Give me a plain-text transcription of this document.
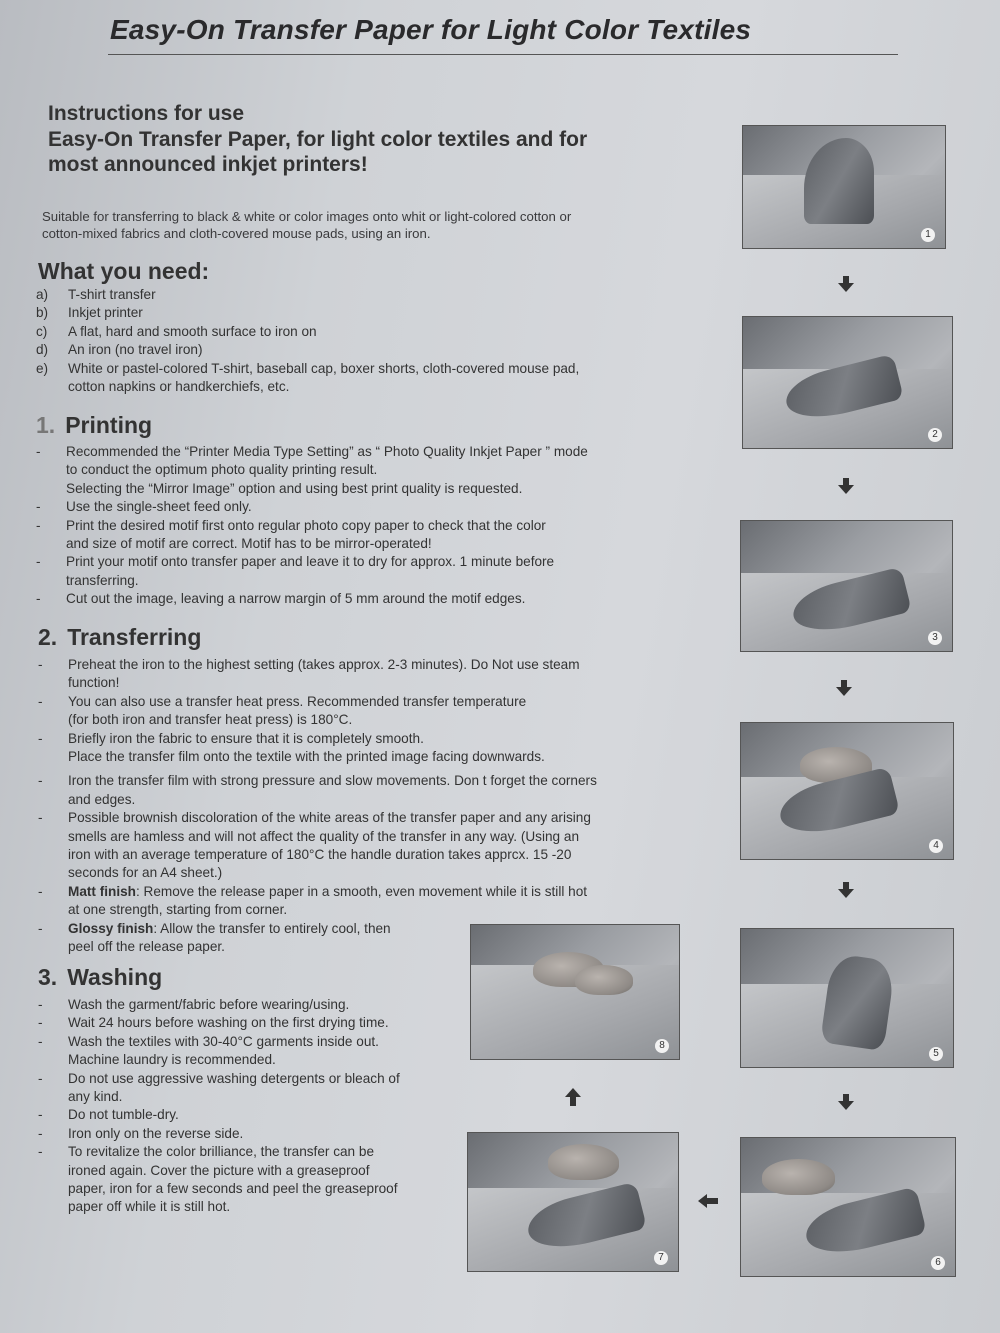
Easy-On Transfer Paper for Light Color Textiles
Instructions for use
Easy-On Transfer Paper, for light color textiles and for
most announced inkjet printers!
Suitable for transferring to black & white or color images onto whit or light-colored cotton or
cotton-mixed fabrics and cloth-covered mouse pads, using an iron.
What you need:
a) T-shirt transfer
b) Inkjet printer
c) A flat, hard and smooth surface to iron on
d) An iron (no travel iron)
e) White or pastel-colored T-shirt, baseball cap, boxer shorts, cloth-covered mouse pad,
cotton napkins or handkerchiefs, etc.
1. Printing
- Recommended the “Printer Media Type Setting” as “ Photo Quality Inkjet Paper ” mode
to conduct the optimum photo quality printing result.
Selecting the “Mirror Image” option and using best print quality is requested.
- Use the single-sheet feed only.
- Print the desired motif first onto regular photo copy paper to check that the color
and size of motif are correct. Motif has to be mirror-operated!
- Print your motif onto transfer paper and leave it to dry for approx. 1 minute before
transferring.
- Cut out the image, leaving a narrow margin of 5 mm around the motif edges.
2. Transferring
- Preheat the iron to the highest setting (takes approx. 2-3 minutes). Do Not use steam
function!
- You can also use a transfer heat press. Recommended transfer temperature
(for both iron and transfer heat press) is 180°C.
- Briefly iron the fabric to ensure that it is completely smooth.
Place the transfer film onto the textile with the printed image facing downwards.
- Iron the transfer film with strong pressure and slow movements. Don t forget the corners
and edges.
- Possible brownish discoloration of the white areas of the transfer paper and any arising
smells are hamless and will not affect the quality of the transfer in any way. (Using an
iron with an average temperature of 180°C the handle duration takes apprcx. 15 -20
seconds for an A4 sheet.)
- Matt finish: Remove the release paper in a smooth, even movement while it is still hot
at one strength, starting from corner.
- Glossy finish: Allow the transfer to entirely cool, then
peel off the release paper.
3. Washing
- Wash the garment/fabric before wearing/using.
- Wait 24 hours before washing on the first drying time.
- Wash the textiles with 30-40°C garments inside out.
Machine laundry is recommended.
- Do not use aggressive washing detergents or bleach of
any kind.
- Do not tumble-dry.
- Iron only on the reverse side.
- To revitalize the color brilliance, the transfer can be
ironed again. Cover the picture with a greaseproof
paper, iron for a few seconds and peel the greaseproof
paper off while it is still hot.
1
2
3
4
5
6
7
8
